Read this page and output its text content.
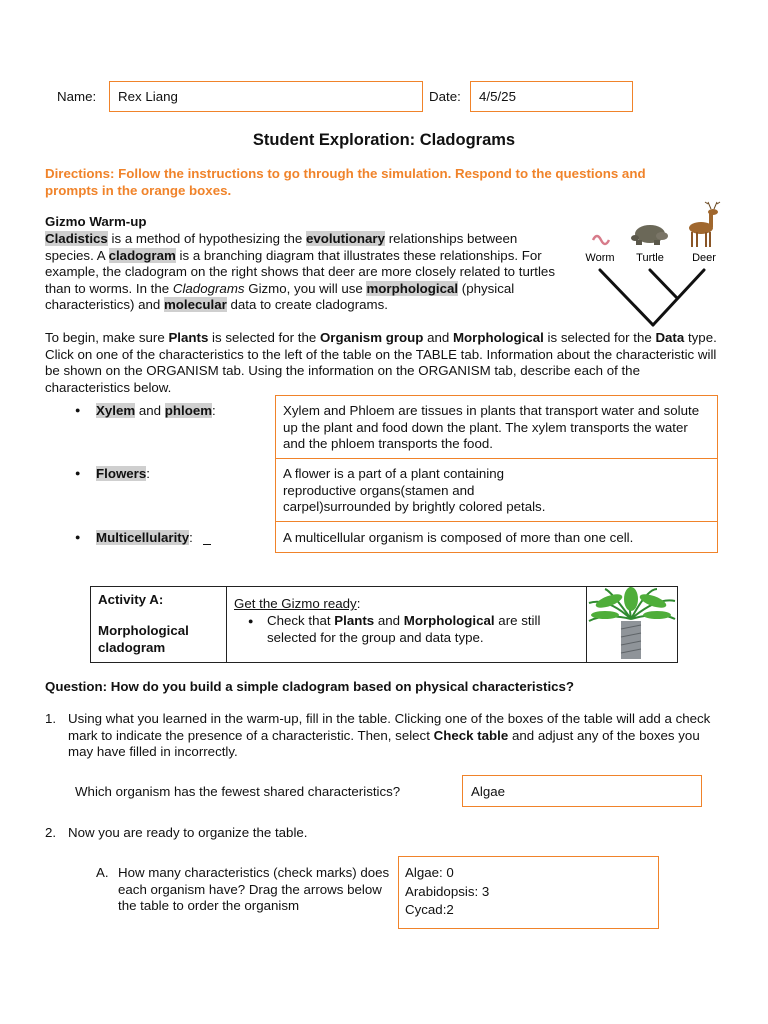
Name:	Rex Liang	Date:	4/5/25
Student Exploration: Cladograms
Directions: Follow the instructions to go through the simulation. Respond to the questions and prompts in the orange boxes.
Gizmo Warm-up
Cladistics is a method of hypothesizing the evolutionary relationships between species. A cladogram is a branching diagram that illustrates these relationships. For example, the cladogram on the right shows that deer are more closely related to turtles than to worms. In the Cladograms Gizmo, you will use morphological (physical characteristics) and molecular data to create cladograms.
Worm Turtle	Deer
To begin, make sure Plants is selected for the Organism group and Morphological is selected for the Data type. Click on one of the characteristics to the left of the table on the TABLE tab. Information about the characteristic will be shown on the ORGANISM tab. Using the information on the ORGANISM tab, describe each of the characteristics below.
● Xylem and phloem:	Xylem and Phloem are tissues in plants that transport water and solute up the plant and food down the plant. The xylem transports the water and the phloem transports the food.
● Flowers:	A flower is a part of a plant containing
reproductive organs(stamen and
carpel)surrounded by brightly colored petals.
● Multicellularity:	A multicellular organism is composed of more than one cell.
Activity A:
Morphological cladogram

Get the Gizmo ready:
● Check that Plants and Morphological are still selected for the group and data type.

Question: How do you build a simple cladogram based on physical characteristics?
1. Using what you learned in the warm-up, fill in the table. Clicking one of the boxes of the table will add a check mark to indicate the presence of a characteristic. Then, select Check table and adjust any of the boxes you may have filled in incorrectly.
Which organism has the fewest shared characteristics?	Algae
2. Now you are ready to organize the table.
A. How many characteristics (check marks) does each organism have? Drag the arrows below the table to order the organism
Algae: 0
Arabidopsis: 3
Cycad:2
